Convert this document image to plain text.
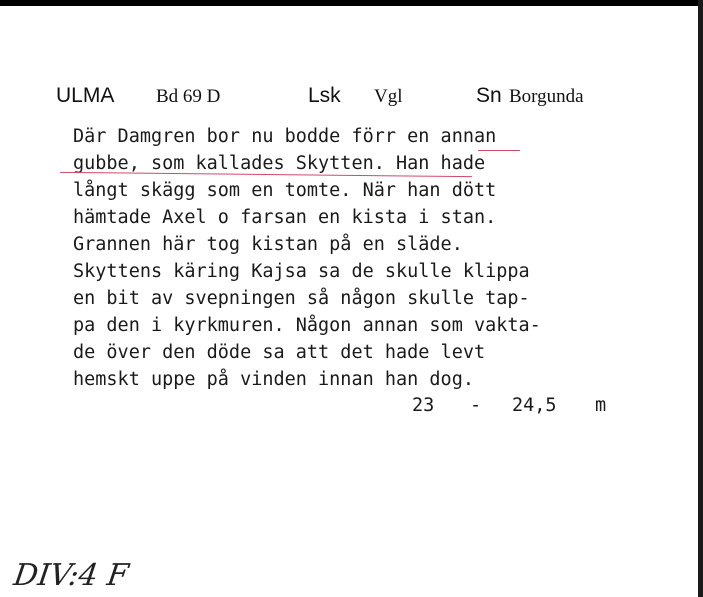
ULMA Bd 69 D	Lsk Vgl	Sn Borgunda
Där Damgren bor nu bodde förr en annan
gubbe, som kallades Skytten. Han hade
långt skägg som en tomte. När han dött
hämtade Axel o farsan en kista i stan.
Grannen här tog kistan på en släde.
Skyttens käring Kajsa sa de skulle klippa
en bit av svepningen så någon skulle tap-
pa den i kyrkmuren. Någon annan som vakta-
de över den döde sa att det hade levt
hemskt uppe på vinden innan han dog.
23 - 24,5 m
DIV:4 F
